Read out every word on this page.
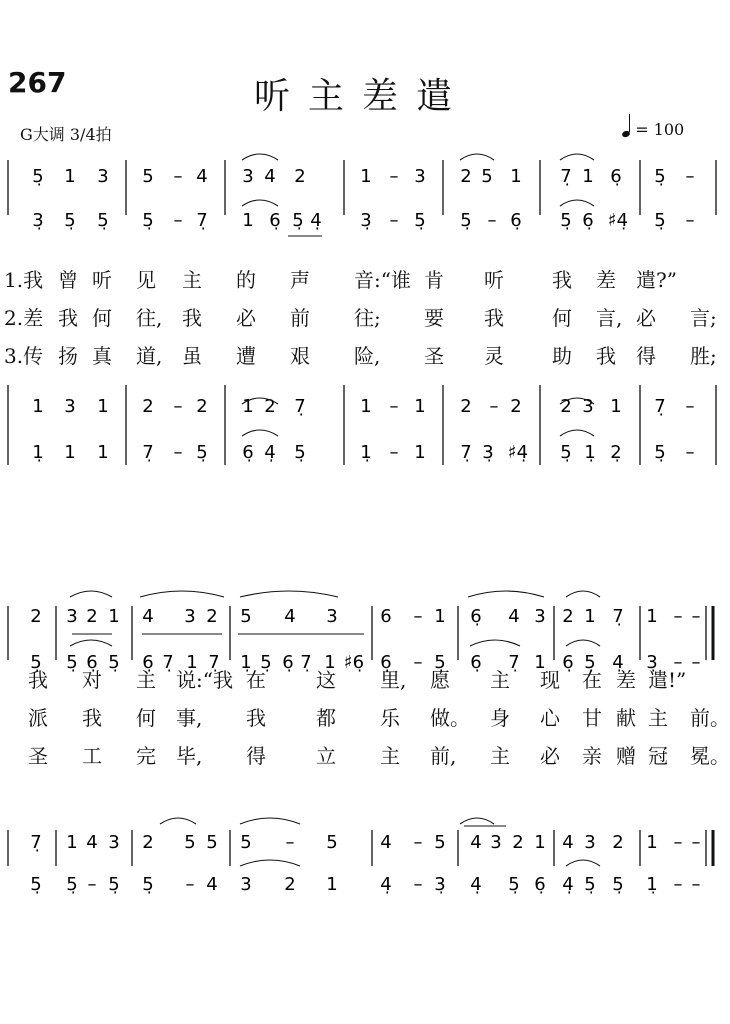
267	听主差遣
G大调 3/4拍	= 100
5̣ 1 3 5 – 4 3 4 2	1 – 3 2 5 1 7̣ 1 6̣ 5̣ –
3̣ 5̣ 5̣ 5̣ – 7̣ 1 6̣ 5̣ 4̣ 3̣ – 5̣ 5̣ – 6̣ 5̣ 6̣ ♯4̣ 5̣ –
1 3 1 2 – 2 1 2 7̣	1 – 1 2 – 2 2 3 1 7̣ –
1̣ 1 1 7̣ – 5̣ 6̣ 4̣ 5̣	1̣ – 1 7̣ 3̣ ♯4̣ 5̣ 1̣ 2̣ 5̣ –
2 3 2 1 4 3 2 5 4 3 6 – 1 6̣ 4 3 2 1 7̣ 1 – –
5̣ 5̣ 6̣ 5̣ 6̣ 7̣ 1 7̣ 1̣ 5̣ 6̣ 7̣ 1 ♯6̣ 6̣ – 5̣ 6̣ 7̣ 1 6̣ 5̣ 4̣ 3̣ – –
7̣ 1 4 3 2 5 5 5 – 5 4 – 5 4 3 2 1 4 3 2 1 – –
5̣ 5̣ – 5̣ 5̣ – 4 3 2 1 4̣ – 3̣ 4̣ 5̣ 6̣ 4̣ 5̣ 5̣ 1̣ – –
1.我 曾 听 见 主 的 声 音:“谁 肯 听 我 差 遣?”
2.差 我 何 往, 我 必 前 往; 要 我 何 言, 必 言;
3.传 扬 真 道, 虽 遭 艰 险, 圣 灵 助 我 得 胜;
我 对 主 说:“我 在	这 里, 愿 主 现 在 差 遣!”
派 我 何 事, 我	都 乐 做。 身 心 甘 献 主 前。
圣 工 完 毕, 得	立 主 前, 主 必 亲 赠 冠 冕。
